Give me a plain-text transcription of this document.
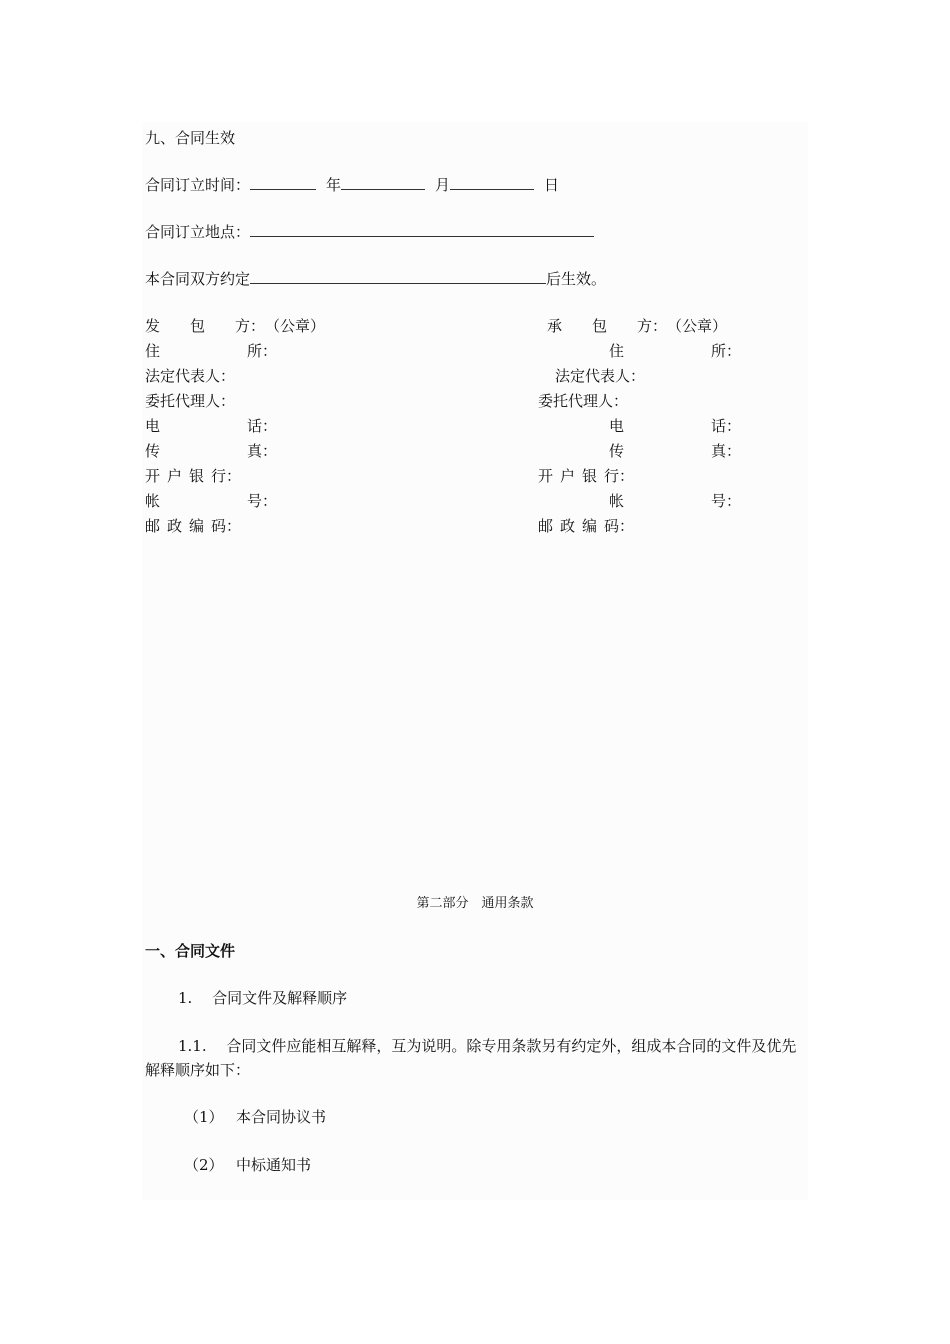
九、合同生效
合同订立时间：	年	月	日
合同订立地点：
本合同双方约定	后生效。
发 包 方： （公章）	承 包 方： （公章）
住	所：	住	所：
法定代表人：	法定代表人：
委托代理人：	委托代理人：
电	话：	电	话：
传	真：	传	真：
开 户 银 行：	开 户 银 行：
帐	号：	帐	号：
邮 政 编 码：	邮 政 编 码：
第二部分　通用条款
一、合同文件
1.　 合同文件及解释顺序
1.1.　 合同文件应能相互解释，互为说明。除专用条款另有约定外，组成本合同的文件及优先解释顺序如下：
（1） 本合同协议书
（2） 中标通知书
